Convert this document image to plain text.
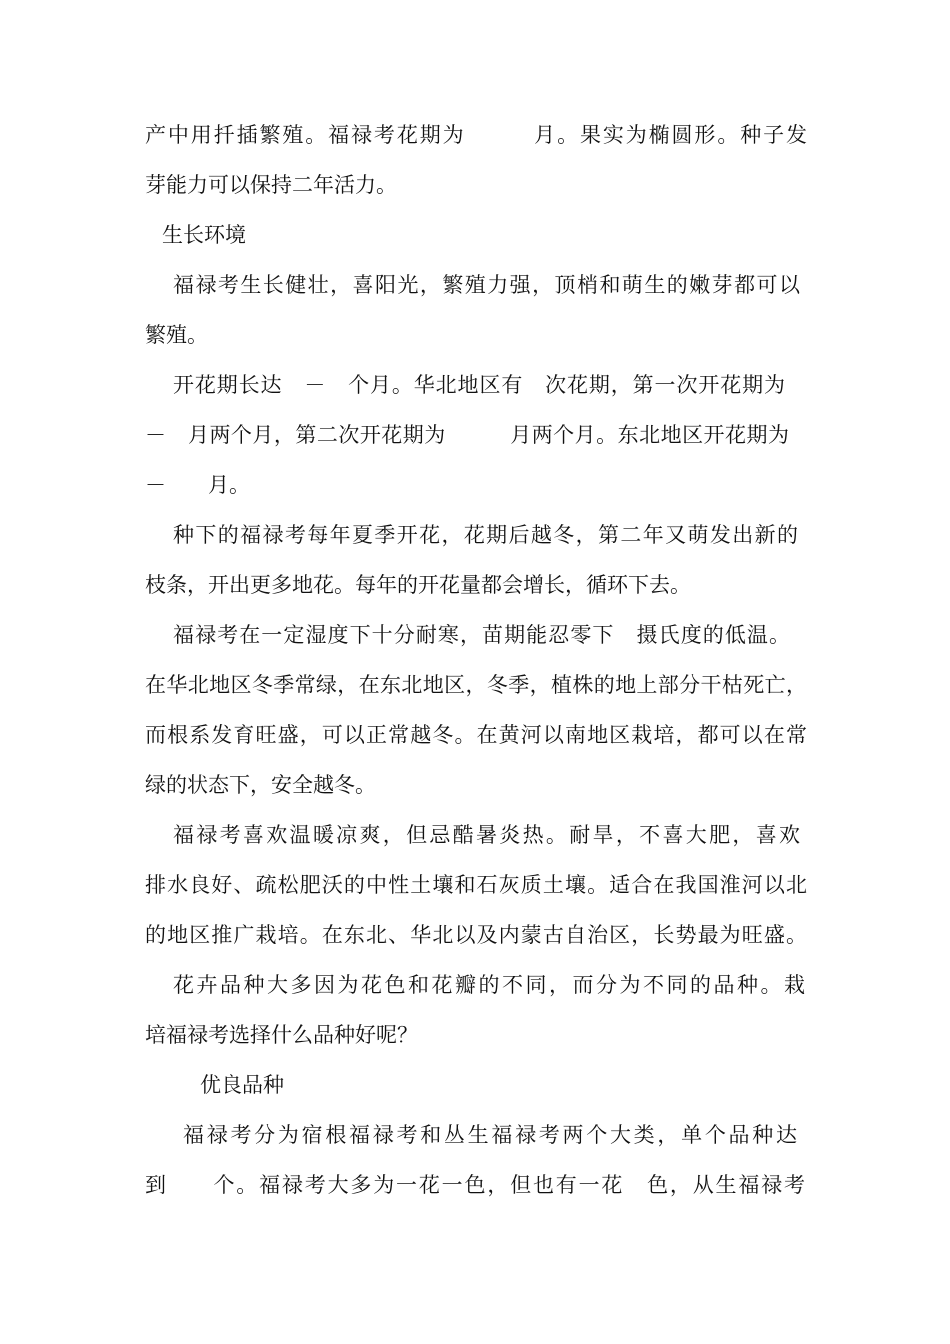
产中用扦插繁殖。福禄考花期为　　　月。果实为椭圆形。种子发

芽能力可以保持二年活力。

生长环境

福禄考生长健壮，喜阳光，繁殖力强，顶梢和萌生的嫩芽都可以

繁殖。

开花期长达　－　个月。华北地区有　次花期，第一次开花期为

－　月两个月，第二次开花期为　　　月两个月。东北地区开花期为

－　　月。

种下的福禄考每年夏季开花，花期后越冬，第二年又萌发出新的

枝条，开出更多地花。每年的开花量都会增长，循环下去。

福禄考在一定湿度下十分耐寒，苗期能忍零下　摄氏度的低温。

在华北地区冬季常绿，在东北地区，冬季，植株的地上部分干枯死亡，

而根系发育旺盛，可以正常越冬。在黄河以南地区栽培，都可以在常

绿的状态下，安全越冬。

福禄考喜欢温暖凉爽，但忌酷暑炎热。耐旱，不喜大肥，喜欢

排水良好、疏松肥沃的中性土壤和石灰质土壤。适合在我国淮河以北

的地区推广栽培。在东北、华北以及内蒙古自治区，长势最为旺盛。

花卉品种大多因为花色和花瓣的不同，而分为不同的品种。栽

培福禄考选择什么品种好呢？

优良品种

福禄考分为宿根福禄考和丛生福禄考两个大类，单个品种达

到　　个。福禄考大多为一花一色，但也有一花　色，从生福禄考
